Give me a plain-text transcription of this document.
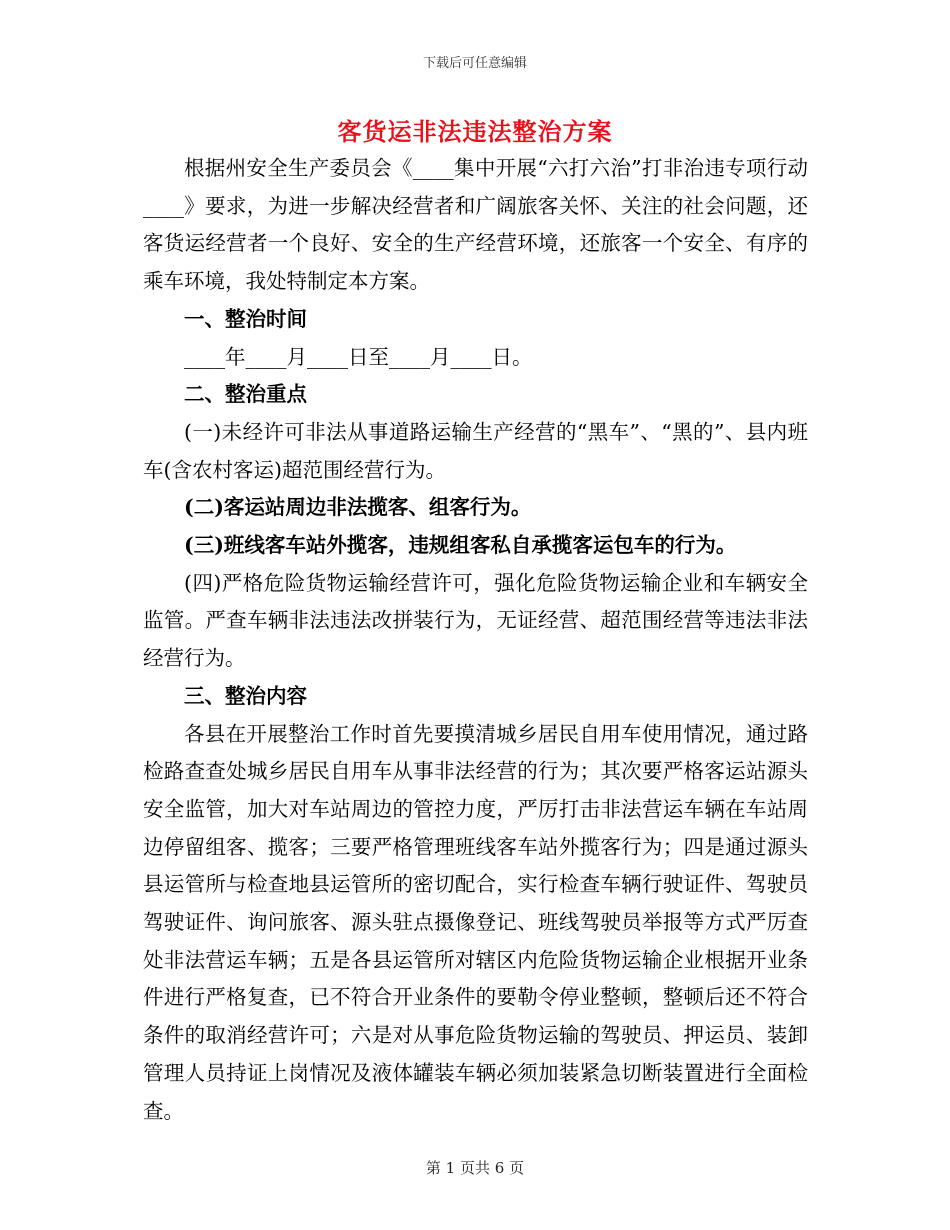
下载后可任意编辑
客货运非法违法整治方案

根据州安全生产委员会《____集中开展“六打六治”打非治违专项行动____》要求，为进一步解决经营者和广阔旅客关怀、关注的社会问题，还客货运经营者一个良好、安全的生产经营环境，还旅客一个安全、有序的乘车环境，我处特制定本方案。

一、整治时间

____年____月____日至____月____日。

二、整治重点

(一)未经许可非法从事道路运输生产经营的“黑车”、“黑的”、县内班车(含农村客运)超范围经营行为。

(二)客运站周边非法揽客、组客行为。

(三)班线客车站外揽客，违规组客私自承揽客运包车的行为。

(四)严格危险货物运输经营许可，强化危险货物运输企业和车辆安全监管。严查车辆非法违法改拼装行为，无证经营、超范围经营等违法非法经营行为。

三、整治内容

各县在开展整治工作时首先要摸清城乡居民自用车使用情况，通过路检路查查处城乡居民自用车从事非法经营的行为；其次要严格客运站源头安全监管，加大对车站周边的管控力度，严厉打击非法营运车辆在车站周边停留组客、揽客；三要严格管理班线客车站外揽客行为；四是通过源头县运管所与检查地县运管所的密切配合，实行检查车辆行驶证件、驾驶员驾驶证件、询问旅客、源头驻点摄像登记、班线驾驶员举报等方式严厉查处非法营运车辆；五是各县运管所对辖区内危险货物运输企业根据开业条件进行严格复查，已不符合开业条件的要勒令停业整顿，整顿后还不符合条件的取消经营许可；六是对从事危险货物运输的驾驶员、押运员、装卸管理人员持证上岗情况及液体罐装车辆必须加装紧急切断装置进行全面检查。

第 1 页共 6 页
